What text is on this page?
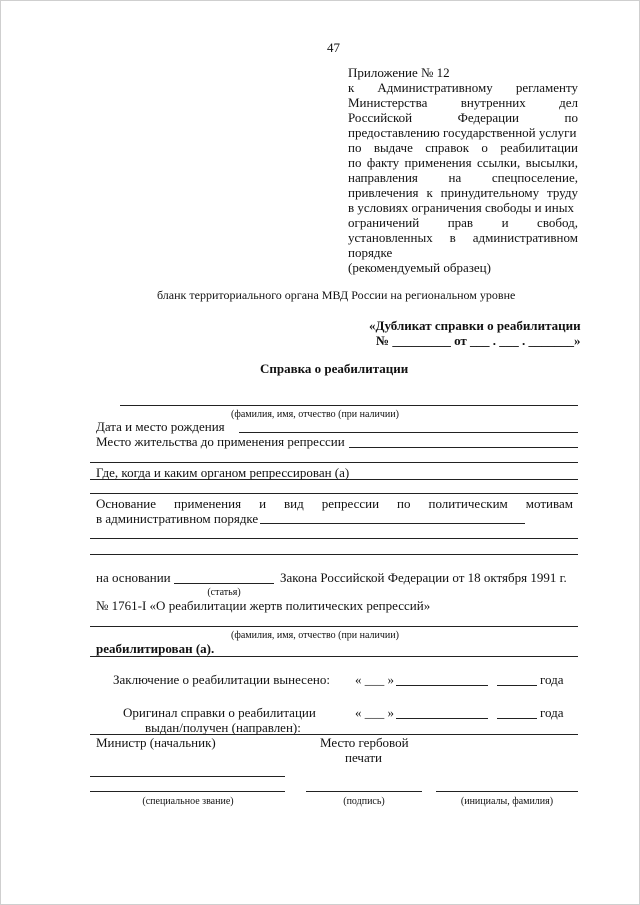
47
Приложение № 12
к Административному регламенту
Министерства	внутренних	дел
Российской	Федерации	по
предоставлению государственной услуги
по выдаче справок о реабилитации
по факту применения ссылки, высылки,
направления на спецпоселение,
привлечения к принудительному труду
в условиях ограничения свободы и иных
ограничений прав и свобод,
установленных в административном
порядке
(рекомендуемый образец)
бланк территориального органа МВД России на региональном уровне
«Дубликат справки о реабилитации
№ _________ от ___ . ___ . _______»
Справка о реабилитации
(фамилия, имя, отчество (при наличии)
Дата и место рождения
Место жительства до применения репрессии
Где, когда и каким органом репрессирован (а)
Основание применения и вид репрессии по политическим мотивам
в административном порядке
на основании	Закона Российской Федерации от 18 октября 1991 г.
(статья)
№ 1761-I «О реабилитации жертв политических репрессий»
(фамилия, имя, отчество (при наличии)
реабилитирован (а).
Заключение о реабилитации вынесено: « ___ »	года
Оригинал справки о реабилитации
выдан/получен (направлен):
« ___ »	года
Министр (начальник)	Место гербовой
печати
(специальное звание)	(подпись)	(инициалы, фамилия)
